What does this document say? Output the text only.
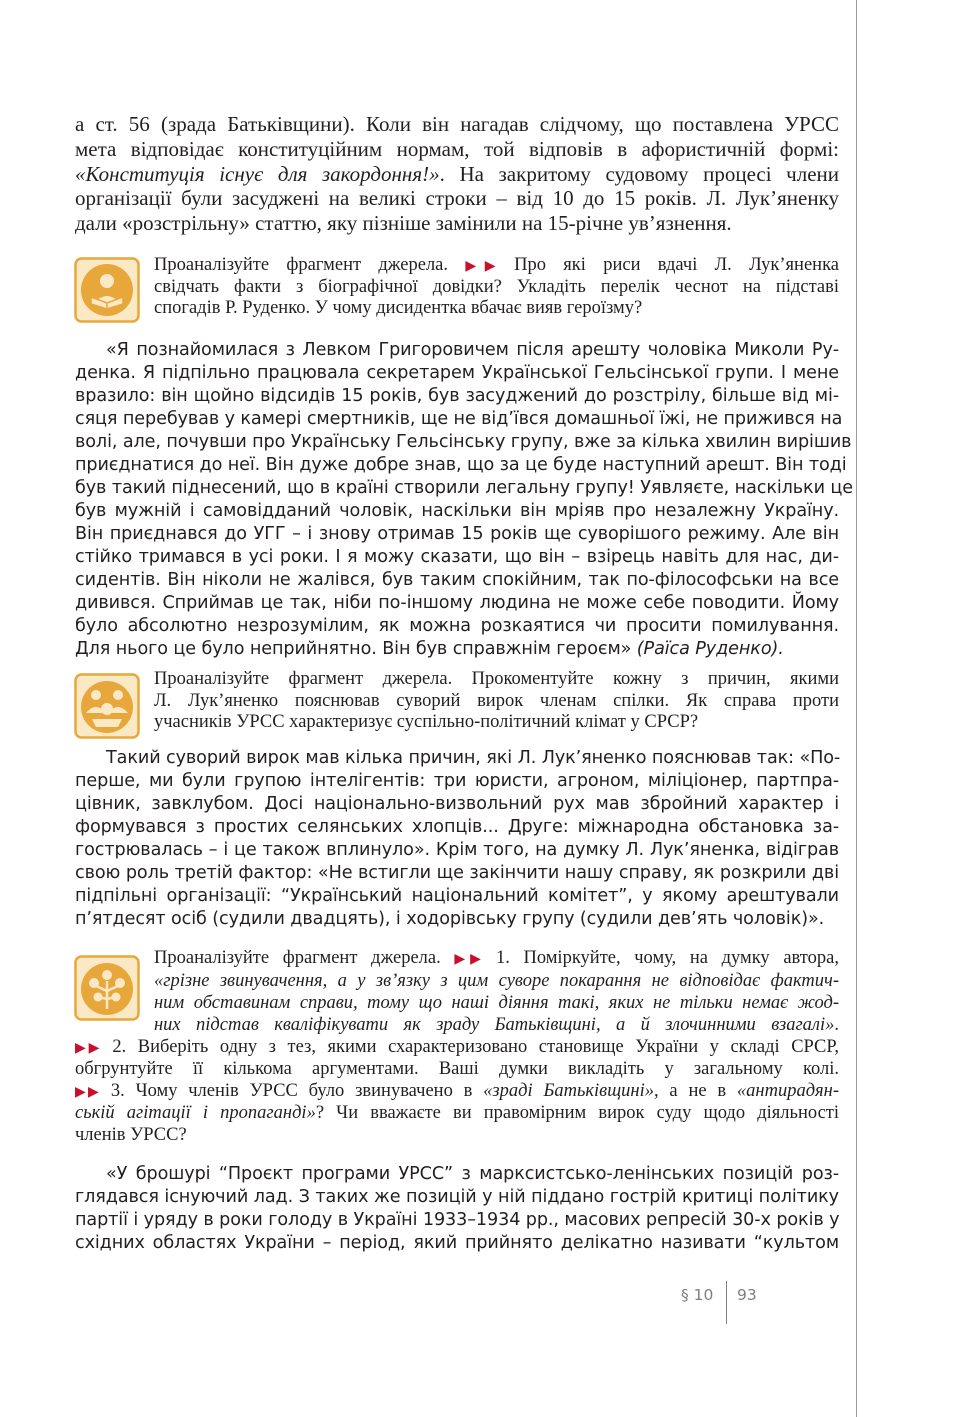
а ст. 56 (зрада Батьківщини). Коли він нагадав слідчому, що поставлена УРСС
мета відповідає конституційним нормам, той відповів в афористичній формі:
«Конституція існує для закордоння!». На закритому судовому процесі члени
організації були засуджені на великі строки – від 10 до 15 років. Л. Лук’яненку
дали «розстрільну» статтю, яку пізніше замінили на 15-річне ув’язнення.
Проаналізуйте фрагмент джерела. ▶▶ Про які риси вдачі Л. Лук’яненка
свідчать факти з біографічної довідки? Укладіть перелік чеснот на підставі
спогадів Р. Руденко. У чому дисидентка вбачає вияв героїзму?
«Я познайомилася з Левком Григоровичем після арешту чоловіка Миколи Ру-
денка. Я підпільно працювала секретарем Української Гельсінської групи. І мене
вразило: він щойно відсидів 15 років, був засуджений до розстрілу, більше від мі-
сяця перебував у камері смертників, ще не від’ївся домашньої їжі, не прижився на
волі, але, почувши про Українську Гельсінську групу, вже за кілька хвилин вирішив
приєднатися до неї. Він дуже добре знав, що за це буде наступний арешт. Він тоді
був такий піднесений, що в країні створили легальну групу! Уявляєте, наскільки це
був мужній і самовідданий чоловік, наскільки він мріяв про незалежну Україну.
Він приєднався до УГГ – і знову отримав 15 років ще суворішого режиму. Але він
стійко тримався в усі роки. І я можу сказати, що він – взірець навіть для нас, ди-
сидентів. Він ніколи не жалівся, був таким спокійним, так по-філософськи на все
дивився. Сприймав це так, ніби по-іншому людина не може себе поводити. Йому
було абсолютно незрозумілим, як можна розкаятися чи просити помилування.
Для нього це було неприйнятно. Він був справжнім героєм» (Раїса Руденко).
Проаналізуйте фрагмент джерела. Прокоментуйте кожну з причин, якими
Л. Лук’яненко пояснював суворий вирок членам спілки. Як справа проти
учасників УРСС характеризує суспільно-політичний клімат у СРСР?
Такий суворий вирок мав кілька причин, які Л. Лук’яненко пояснював так: «По-
перше, ми були групою інтелігентів: три юристи, агроном, міліціонер, партпра-
цівник, завклубом. Досі національно-визвольний рух мав збройний характер і
формувався з простих селянських хлопців... Друге: міжнародна обстановка за-
гострювалась – і це також вплинуло». Крім того, на думку Л. Лук’яненка, відіграв
свою роль третій фактор: «Не встигли ще закінчити нашу справу, як розкрили дві
підпільні організації: “Український національний комітет”, у якому арештували
п’ятдесят осіб (судили двадцять), і ходорівську групу (судили дев’ять чоловік)».
Проаналізуйте фрагмент джерела. ▶▶ 1. Поміркуйте, чому, на думку автора,
«грізне звинувачення, а у зв’язку з цим суворе покарання не відповідає фактич-
ним обставинам справи, тому що наші діяння такі, яких не тільки немає жод-
них підстав кваліфікувати як зраду Батьківщині, а й злочинними взагалі».
▶▶ 2. Виберіть одну з тез, якими схарактеризовано становище України у складі СРСР,
обгрунтуйте її кількома аргументами. Ваші думки викладіть у загальному колі.
▶▶ 3. Чому членів УРСС було звинувачено в «зраді Батьківщині», а не в «антирадян-
ській агітації і пропаганді»? Чи вважаєте ви правомірним вирок суду щодо діяльності
членів УРСС?
«У брошурі “Проєкт програми УРСС” з марксистсько-ленінських позицій роз-
глядався існуючий лад. З таких же позицій у ній піддано гострій критиці політику
партії і уряду в роки голоду в Україні 1933–1934 рр., масових репресій 30-х років у
східних областях України – період, який прийнято делікатно називати “культом
§ 10 93
